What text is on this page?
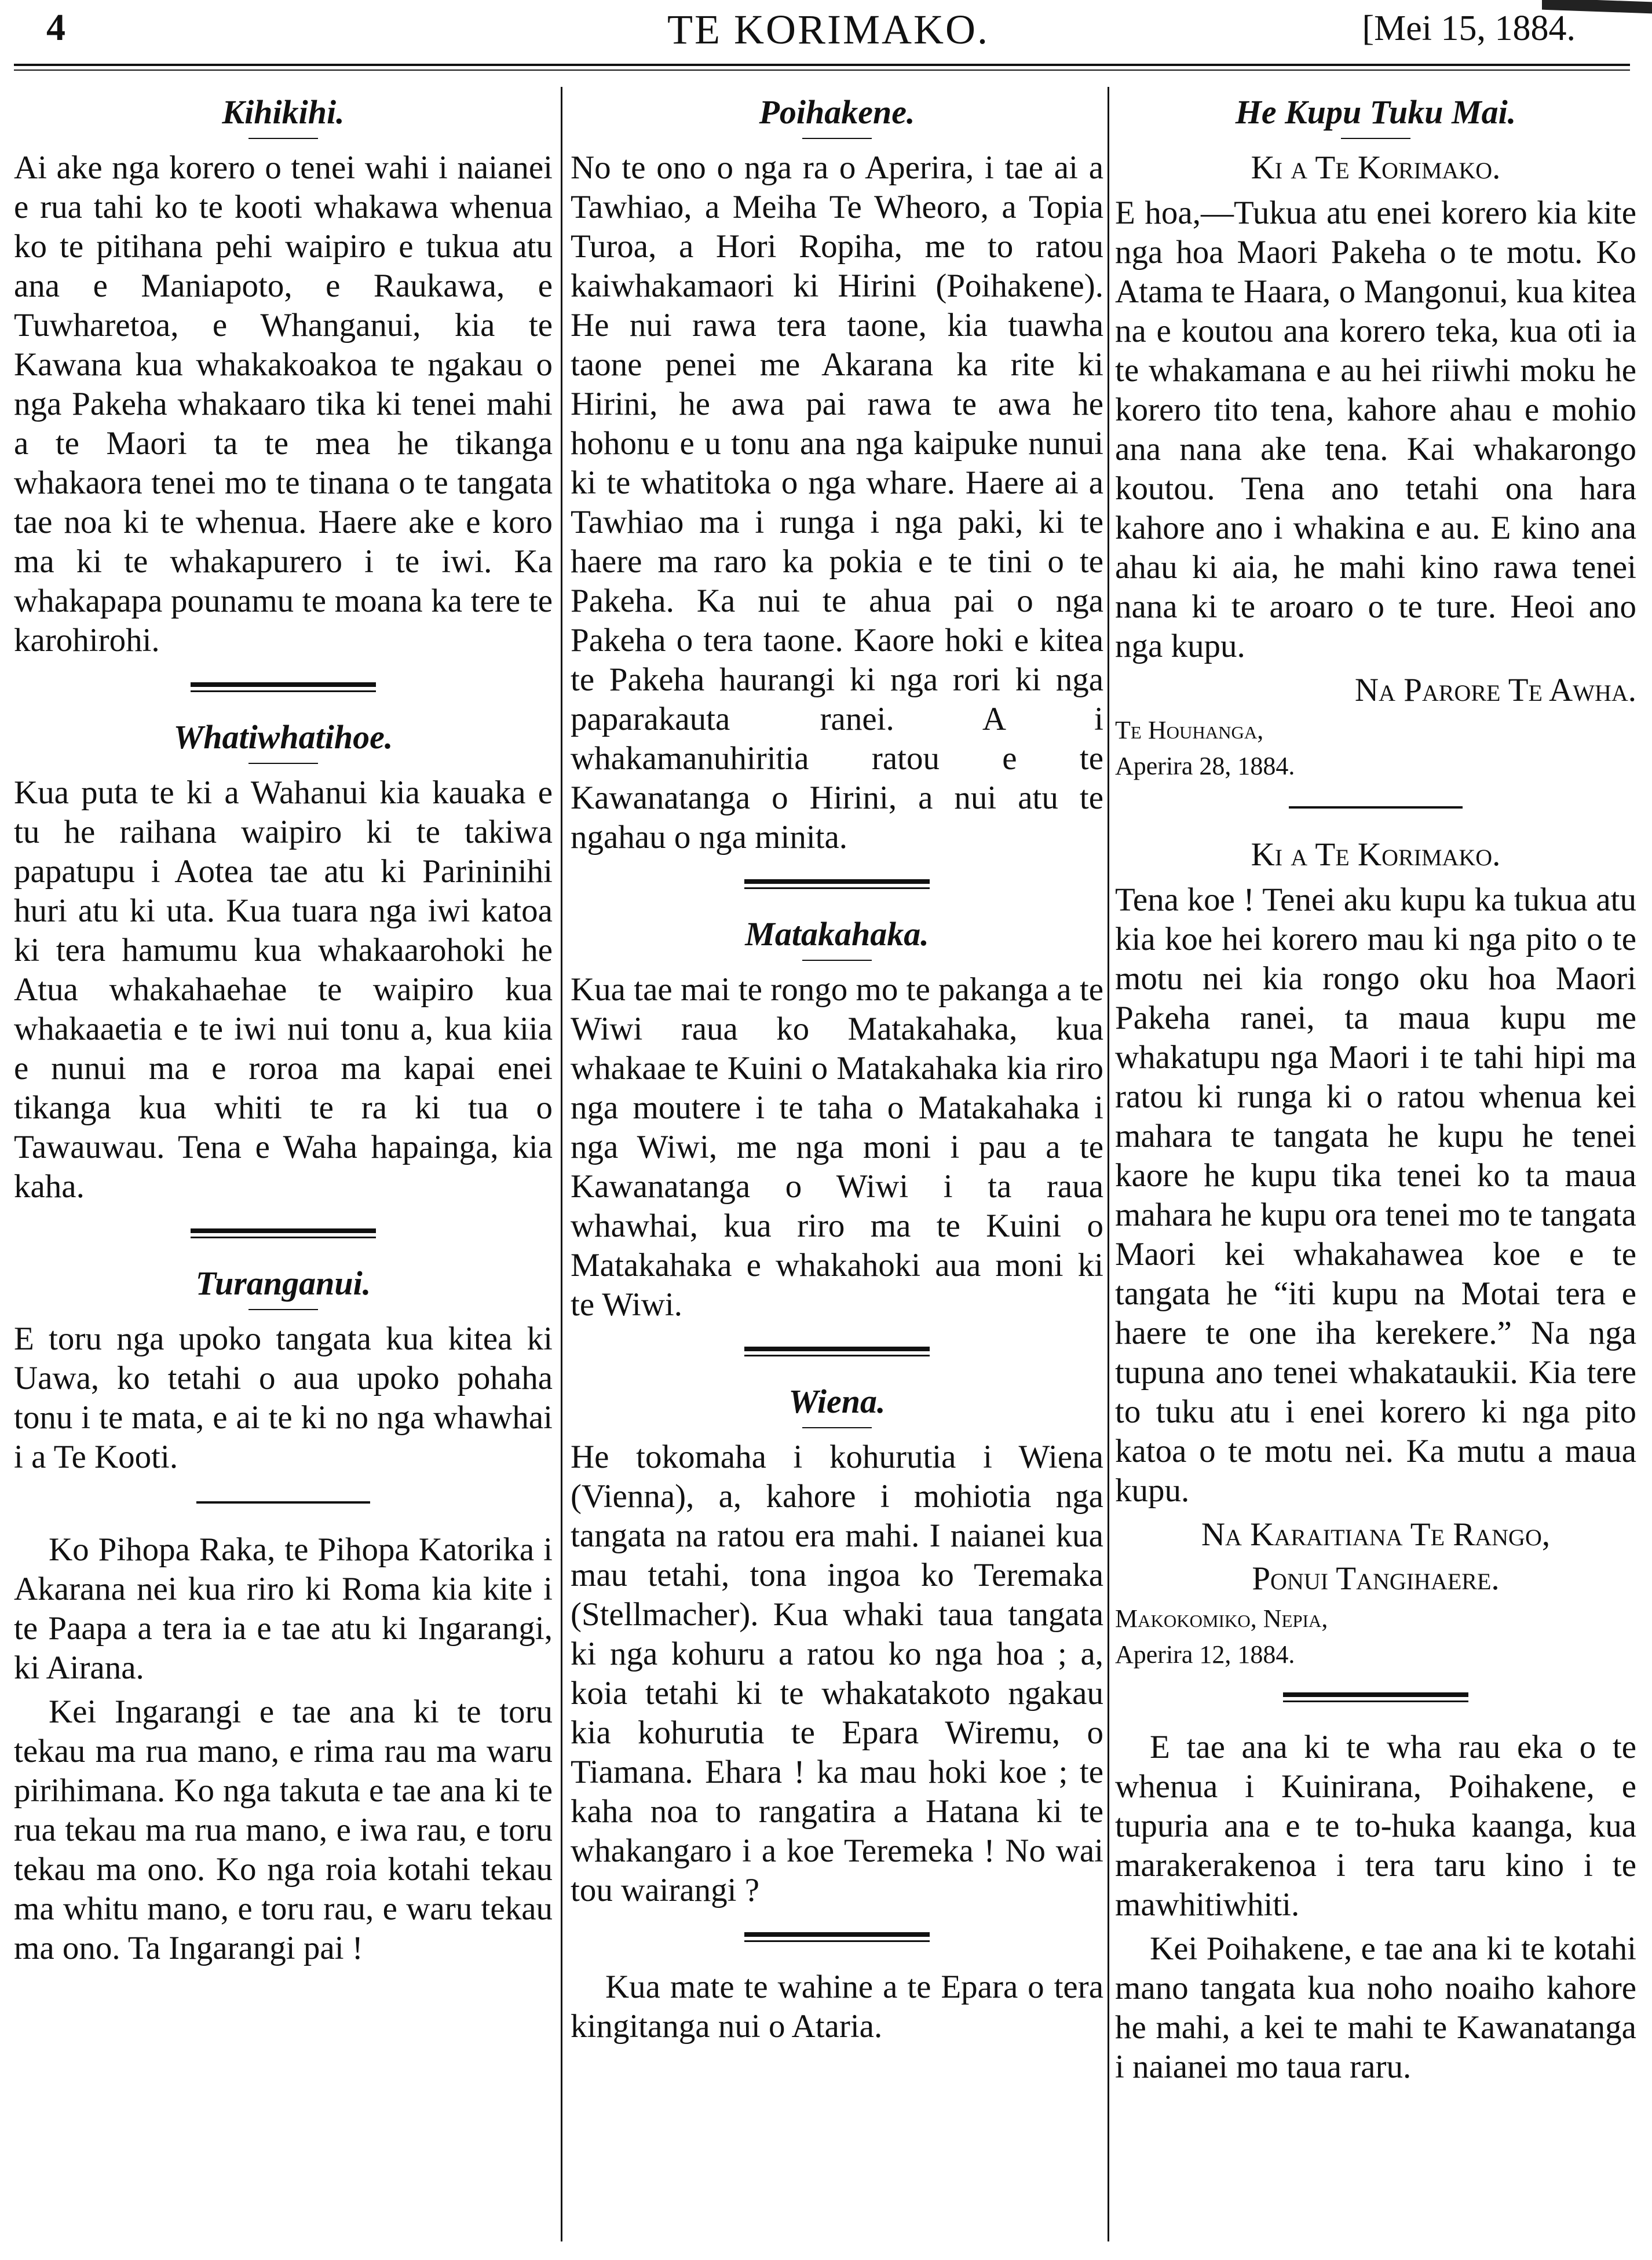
4	TE KORIMAKO.	[Mei 15, 1884.
Kihikihi.

Ai ake nga korero o tenei wahi i naianei e rua tahi ko te kooti whakawa whenua ko te pitihana pehi waipiro e tukua atu ana e Maniapoto, e Raukawa, e Tuwharetoa, e Whanganui, kia te Kawana kua whakakoakoa te ngakau o nga Pakeha whakaaro tika ki tenei mahi a te Maori ta te mea he tikanga whakaora tenei mo te tinana o te tangata tae noa ki te whenua. Haere ake e koro ma ki te whakapurero i te iwi. Ka whakapapa pounamu te moana ka tere te karohirohi.

Whatiwhatihoe.

Kua puta te ki a Wahanui kia kauaka e tu he raihana waipiro ki te takiwa papatupu i Aotea tae atu ki Parininihi huri atu ki uta. Kua tuara nga iwi katoa ki tera hamumu kua whakaarohoki he Atua whakahaehae te waipiro kua whakaaetia e te iwi nui tonu a, kua kiia e nunui ma e roroa ma kapai enei tikanga kua whiti te ra ki tua o Tawauwau. Tena e Waha hapainga, kia kaha.

Turanganui.

E toru nga upoko tangata kua kitea ki Uawa, ko tetahi o aua upoko pohaha tonu i te mata, e ai te ki no nga whawhai i a Te Kooti.

Ko Pihopa Raka, te Pihopa Katorika i Akarana nei kua riro ki Roma kia kite i te Paapa a tera ia e tae atu ki Ingarangi, ki Airana.

Kei Ingarangi e tae ana ki te toru tekau ma rua mano, e rima rau ma waru pirihimana. Ko nga takuta e tae ana ki te rua tekau ma rua mano, e iwa rau, e toru tekau ma ono. Ko nga roia kotahi tekau ma whitu mano, e toru rau, e waru tekau ma ono. Ta Ingarangi pai !

Poihakene.

No te ono o nga ra o Aperira, i tae ai a Tawhiao, a Meiha Te Wheoro, a Topia Turoa, a Hori Ropiha, me to ratou kaiwhakamaori ki Hirini (Poihakene). He nui rawa tera taone, kia tuawha taone penei me Akarana ka rite ki Hirini, he awa pai rawa te awa he hohonu e u tonu ana nga kaipuke nunui ki te whatitoka o nga whare. Haere ai a Tawhiao ma i runga i nga paki, ki te haere ma raro ka pokia e te tini o te Pakeha. Ka nui te ahua pai o nga Pakeha o tera taone. Kaore hoki e kitea te Pakeha haurangi ki nga rori ki nga paparakauta ranei. A i whakamanuhiritia ratou e te Kawanatanga o Hirini, a nui atu te ngahau o nga minita.

Matakahaka.

Kua tae mai te rongo mo te pakanga a te Wiwi raua ko Matakahaka, kua whakaae te Kuini o Matakahaka kia riro nga moutere i te taha o Matakahaka i nga Wiwi, me nga moni i pau a te Kawanatanga o Wiwi i ta raua whawhai, kua riro ma te Kuini o Matakahaka e whakahoki aua moni ki te Wiwi.

Wiena.

He tokomaha i kohurutia i Wiena (Vienna), a, kahore i mohiotia nga tangata na ratou era mahi. I naianei kua mau tetahi, tona ingoa ko Teremaka (Stellmacher). Kua whaki taua tangata ki nga kohuru a ratou ko nga hoa ; a, koia tetahi ki te whakatakoto ngakau kia kohurutia te Epara Wiremu, o Tiamana. Ehara ! ka mau hoki koe ; te kaha noa to rangatira a Hatana ki te whakangaro i a koe Teremeka ! No wai tou wairangi ?

Kua mate te wahine a te Epara o tera kingitanga nui o Ataria.

He Kupu Tuku Mai.
Ki a Te Korimako.

E hoa,—Tukua atu enei korero kia kite nga hoa Maori Pakeha o te motu. Ko Atama te Haara, o Mangonui, kua kitea na e koutou ana korero teka, kua oti ia te whakamana e au hei riiwhi moku he korero tito tena, kahore ahau e mohio ana nana ake tena. Kai whakarongo koutou. Tena ano tetahi ona hara kahore ano i whakina e au. E kino ana ahau ki aia, he mahi kino rawa tenei nana ki te aroaro o te ture. Heoi ano nga kupu.

Na Parore Te Awha.

Te Houhanga,

Aperira 28, 1884.

Ki a Te Korimako.

Tena koe ! Tenei aku kupu ka tukua atu kia koe hei korero mau ki nga pito o te motu nei kia rongo oku hoa Maori Pakeha ranei, ta maua kupu me whakatupu nga Maori i te tahi hipi ma ratou ki runga ki o ratou whenua kei mahara te tangata he kupu he tenei kaore he kupu tika tenei ko ta maua mahara he kupu ora tenei mo te tangata Maori kei whakahawea koe e te tangata he “iti kupu na Motai tera e haere te one iha kerekere.” Na nga tupuna ano tenei whakataukii. Kia tere to tuku atu i enei korero ki nga pito katoa o te motu nei. Ka mutu a maua kupu.

Na Karaitiana Te Rango,

Ponui Tangihaere.

Makokomiko, Nepia,

Aperira 12, 1884.

E tae ana ki te wha rau eka o te whenua i Kuinirana, Poihakene, e tupuria ana e te to-huka kaanga, kua marakerakenoa i tera taru kino i te mawhitiwhiti.

Kei Poihakene, e tae ana ki te kotahi mano tangata kua noho noaiho kahore he mahi, a kei te mahi te Kawanatanga i naianei mo taua raru.
